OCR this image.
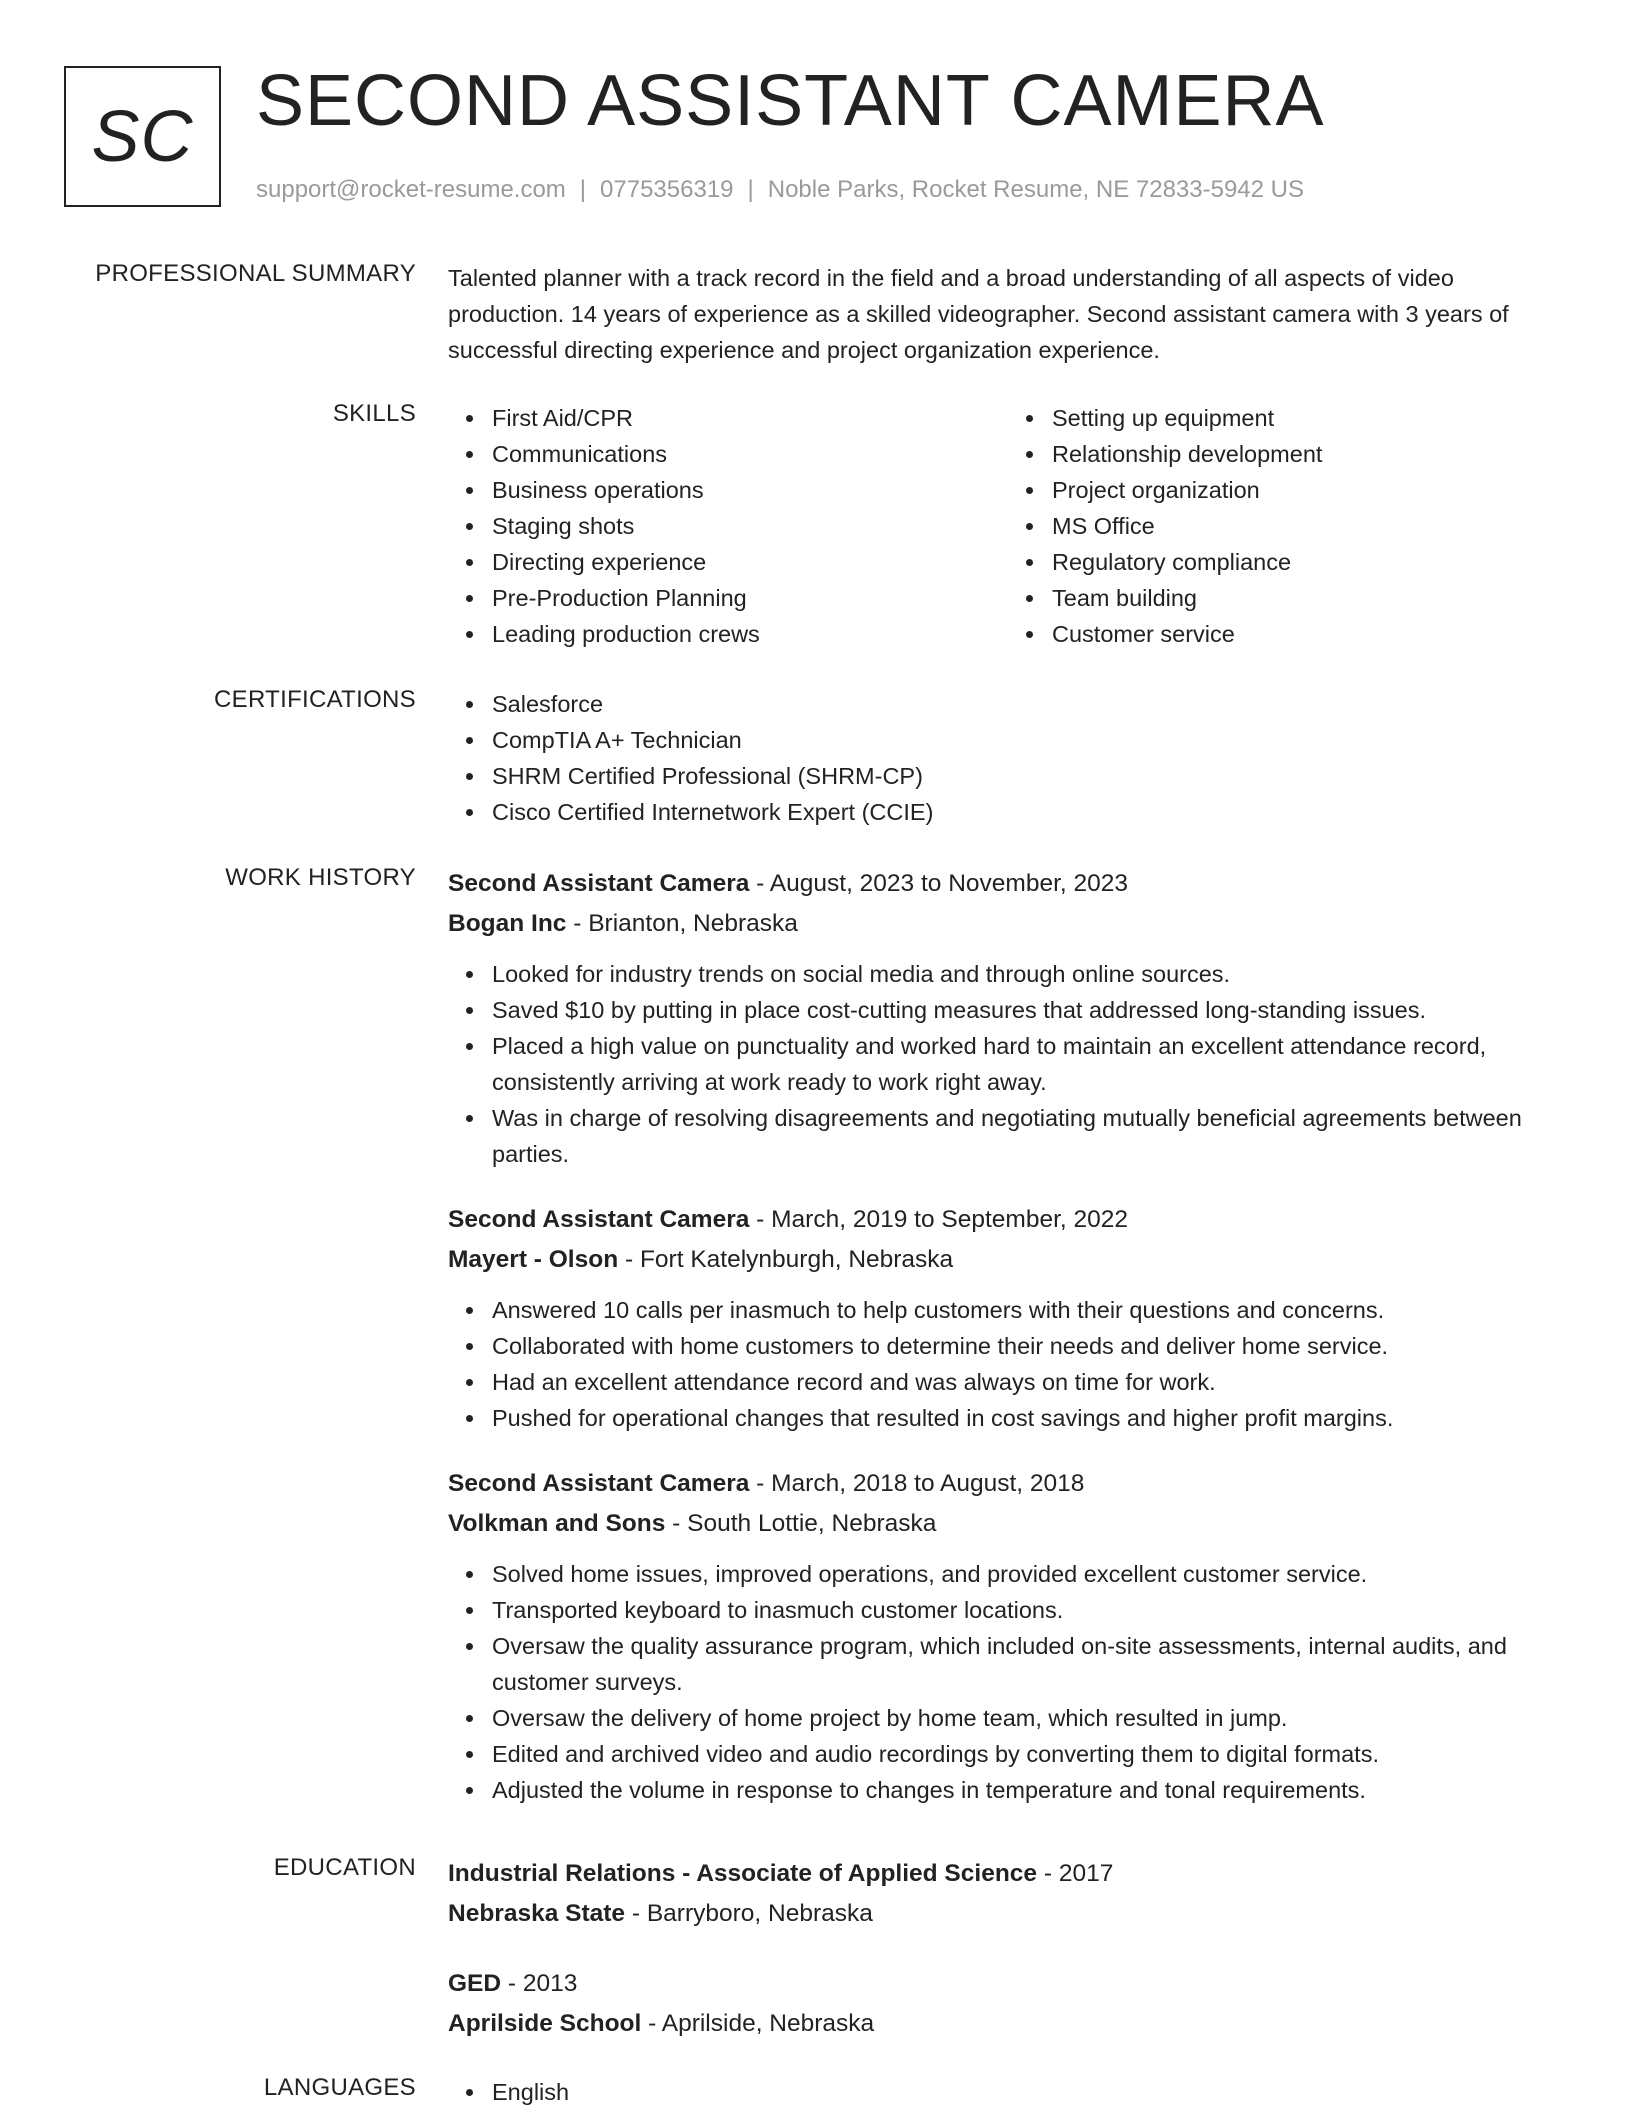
SC SECOND ASSISTANT CAMERA
support@rocket-resume.com | 0775356319 | Noble Parks, Rocket Resume, NE 72833-5942 US
PROFESSIONAL SUMMARY Talented planner with a track record in the field and a broad understanding of all aspects of video production. 14 years of experience as a skilled videographer. Second assistant camera with 3 years of successful directing experience and project organization experience.
SKILLS	First Aid/CPR
Communications
Business operations
Staging shots
Directing experience
Pre-Production Planning
Leading production crews
Setting up equipment
Relationship development
Project organization
MS Office
Regulatory compliance
Team building
Customer service
CERTIFICATIONS	Salesforce
CompTIA A+ Technician
SHRM Certified Professional (SHRM-CP)
Cisco Certified Internetwork Expert (CCIE)
WORK HISTORY Second Assistant Camera - August, 2023 to November, 2023
Bogan Inc - Brianton, Nebraska
Looked for industry trends on social media and through online sources.
Saved $10 by putting in place cost-cutting measures that addressed long-standing issues.
Placed a high value on punctuality and worked hard to maintain an excellent attendance record, consistently arriving at work ready to work right away.
Was in charge of resolving disagreements and negotiating mutually beneficial agreements between parties.
Second Assistant Camera - March, 2019 to September, 2022
Mayert - Olson - Fort Katelynburgh, Nebraska
Answered 10 calls per inasmuch to help customers with their questions and concerns.
Collaborated with home customers to determine their needs and deliver home service.
Had an excellent attendance record and was always on time for work.
Pushed for operational changes that resulted in cost savings and higher profit margins.
Second Assistant Camera - March, 2018 to August, 2018
Volkman and Sons - South Lottie, Nebraska
Solved home issues, improved operations, and provided excellent customer service.
Transported keyboard to inasmuch customer locations.
Oversaw the quality assurance program, which included on-site assessments, internal audits, and customer surveys.
Oversaw the delivery of home project by home team, which resulted in jump.
Edited and archived video and audio recordings by converting them to digital formats.
Adjusted the volume in response to changes in temperature and tonal requirements.
EDUCATION Industrial Relations - Associate of Applied Science - 2017
Nebraska State - Barryboro, Nebraska
GED - 2013
Aprilside School - Aprilside, Nebraska
LANGUAGES	English
